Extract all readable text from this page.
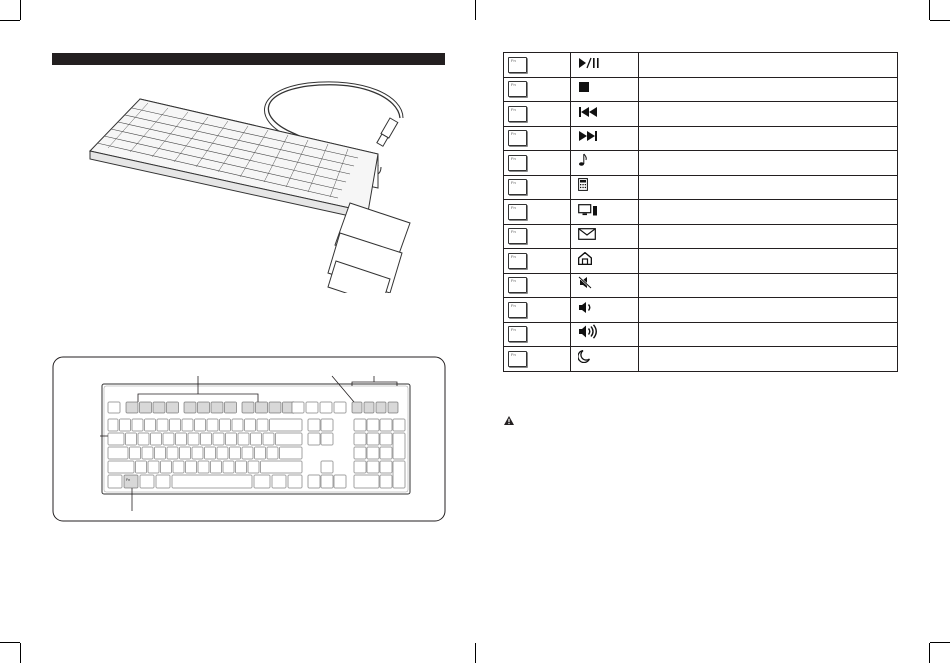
Fn
Fn

Fn

Fn

Fn

Fn

Fn

Fn

Fn

Fn

Fn

Fn

Fn

Fn
